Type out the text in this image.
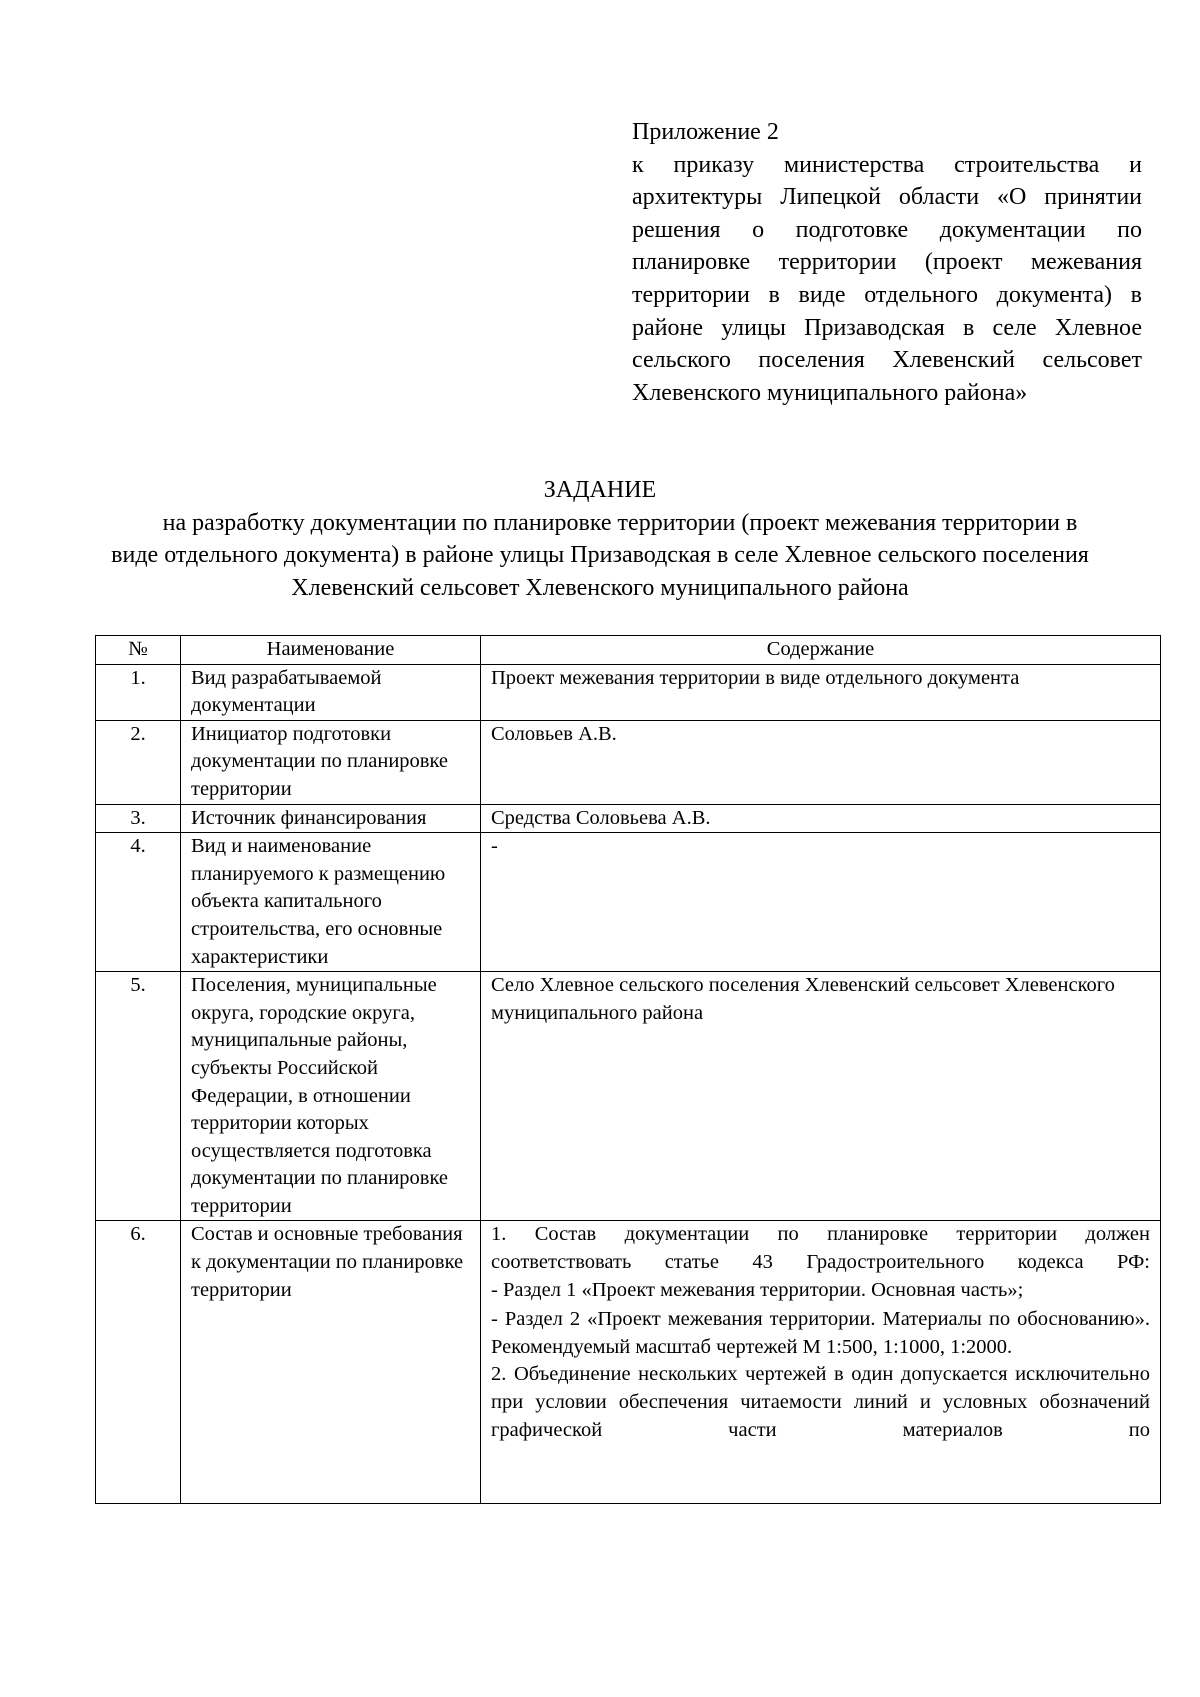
Приложение 2
к приказу министерства строительства и архитектуры Липецкой области «О принятии решения о подготовке документации по планировке территории (проект межевания территории в виде отдельного документа) в районе улицы Призаводская в селе Хлевное сельского поселения Хлевенский сельсовет Хлевенского муниципального района»
ЗАДАНИЕ
на разработку документации по планировке территории (проект межевания территории в виде отдельного документа) в районе улицы Призаводская в селе Хлевное сельского поселения Хлевенский сельсовет Хлевенского муниципального района
№	Наименование	Содержание
1.	Вид разрабатываемой документации	Проект межевания территории в виде отдельного документа
2.	Инициатор подготовки документации по планировке территории	Соловьев А.В.
3.	Источник финансирования	Средства Соловьева А.В.
4.	Вид и наименование планируемого к размещению объекта капитального строительства, его основные характеристики	-
5.	Поселения, муниципальные округа, городские округа, муниципальные районы, субъекты Российской Федерации, в отношении территории которых осуществляется подготовка документации по планировке территории	Село Хлевное сельского поселения Хлевенский сельсовет Хлевенского муниципального района
6.	Состав и основные требования к документации по планировке территории	1. Состав документации по планировке территории должен соответствовать статье 43 Градостроительного кодекса РФ:
- Раздел 1 «Проект межевания территории. Основная часть»;
- Раздел 2 «Проект межевания территории. Материалы по обоснованию».
Рекомендуемый масштаб чертежей М 1:500, 1:1000, 1:2000.
2. Объединение нескольких чертежей в один допускается исключительно при условии обеспечения читаемости линий и условных обозначений графической части материалов по
